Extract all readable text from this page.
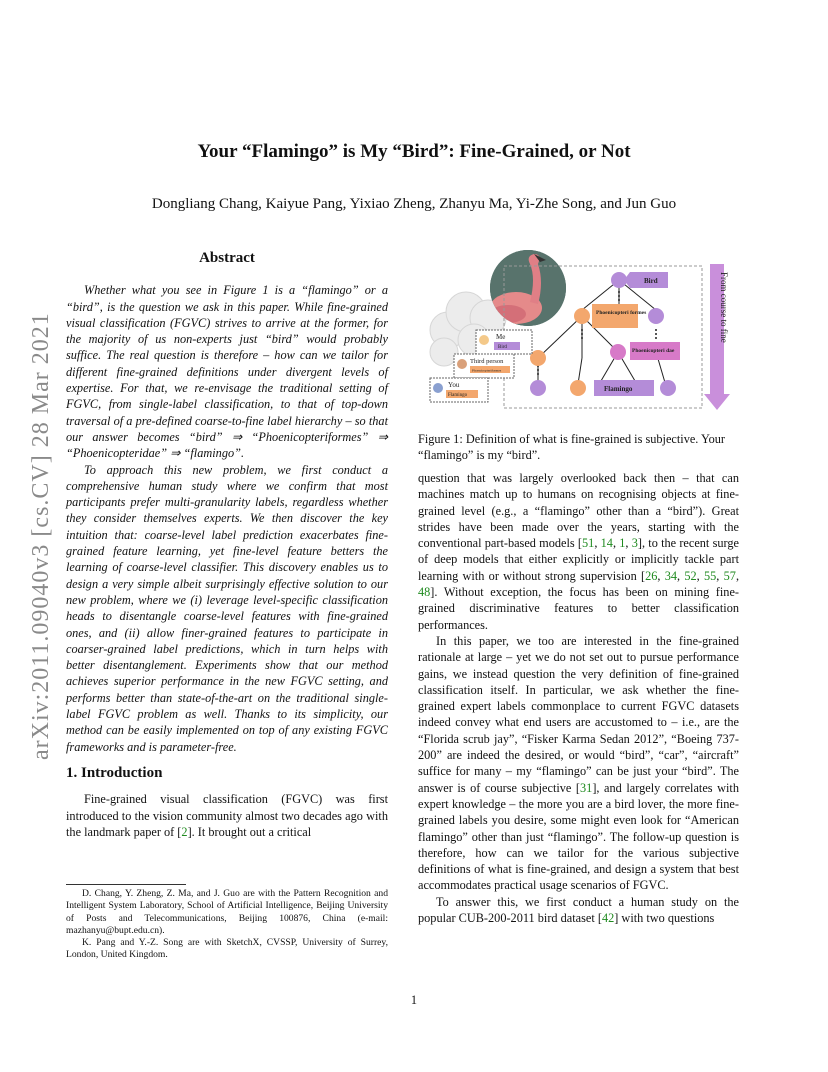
arXiv:2011.09040v3 [cs.CV] 28 Mar 2021
Your “Flamingo” is My “Bird”: Fine-Grained, or Not
Dongliang Chang, Kaiyue Pang, Yixiao Zheng, Zhanyu Ma, Yi-Zhe Song, and Jun Guo

Abstract

Whether what you see in Figure 1 is a “flamingo” or a “bird”, is the question we ask in this paper. While fine-grained visual classification (FGVC) strives to arrive at the former, for the majority of us non-experts just “bird” would probably suffice. The real question is therefore – how can we tailor for different fine-grained definitions under divergent levels of expertise. For that, we re-envisage the traditional setting of FGVC, from single-label classification, to that of top-down traversal of a pre-defined coarse-to-fine label hierarchy – so that our answer becomes “bird” ⇒ “Phoenicopteriformes” ⇒ “Phoenicopteridae” ⇒ “flamingo”.

To approach this new problem, we first conduct a comprehensive human study where we confirm that most participants prefer multi-granularity labels, regardless whether they consider themselves experts. We then discover the key intuition that: coarse-level label prediction exacerbates fine-grained feature learning, yet fine-level feature betters the learning of coarse-level classifier. This discovery enables us to design a very simple albeit surprisingly effective solution to our new problem, where we (i) leverage level-specific classification heads to disentangle coarse-level features with fine-grained ones, and (ii) allow finer-grained features to participate in coarser-grained label predictions, which in turn helps with better disentanglement. Experiments show that our method achieves superior performance in the new FGVC setting, and performs better than state-of-the-art on the traditional single-label FGVC problem as well. Thanks to its simplicity, our method can be easily implemented on top of any existing FGVC frameworks and is parameter-free.

1. Introduction

Fine-grained visual classification (FGVC) was first introduced to the vision community almost two decades ago with the landmark paper of [2]. It brought out a critical

D. Chang, Y. Zheng, Z. Ma, and J. Guo are with the Pattern Recognition and Intelligent System Laboratory, School of Artificial Intelligence, Beijing University of Posts and Telecommunications, Beijing 100876, China (e-mail: mazhanyu@bupt.edu.cn).

K. Pang and Y.-Z. Song are with SketchX, CVSSP, University of Surrey, London, United Kingdom.

Bird
Phoenicopteri formes
Phoenicopteri dae
Flamingo
From course to fine
Me
Bird
Third person
Phoenicopteriformes
You
Flamingo
Figure 1: Definition of what is fine-grained is subjective. Your “flamingo” is my “bird”.

question that was largely overlooked back then – that can machines match up to humans on recognising objects at fine-grained level (e.g., a “flamingo” other than a “bird”). Great strides have been made over the years, starting with the conventional part-based models [51, 14, 1, 3], to the recent surge of deep models that either explicitly or implicitly tackle part learning with or without strong supervision [26, 34, 52, 55, 57, 48]. Without exception, the focus has been on mining fine-grained discriminative features to better classification performances.

In this paper, we too are interested in the fine-grained rationale at large – yet we do not set out to pursue performance gains, we instead question the very definition of fine-grained classification itself. In particular, we ask whether the fine-grained expert labels commonplace to current FGVC datasets indeed convey what end users are accustomed to – i.e., are the “Florida scrub jay”, “Fisker Karma Sedan 2012”, “Boeing 737-200” are indeed the desired, or would “bird”, “car”, “aircraft” suffice for many – my “flamingo” can be just your “bird”. The answer is of course subjective [31], and largely correlates with expert knowledge – the more you are a bird lover, the more fine-grained labels you desire, some might even look for “American flamingo” other than just “flamingo”. The follow-up question is therefore, how can we tailor for the various subjective definitions of what is fine-grained, and design a system that best accommodates practical usage scenarios of FGVC.

To answer this, we first conduct a human study on the popular CUB-200-2011 bird dataset [42] with two questions

1
